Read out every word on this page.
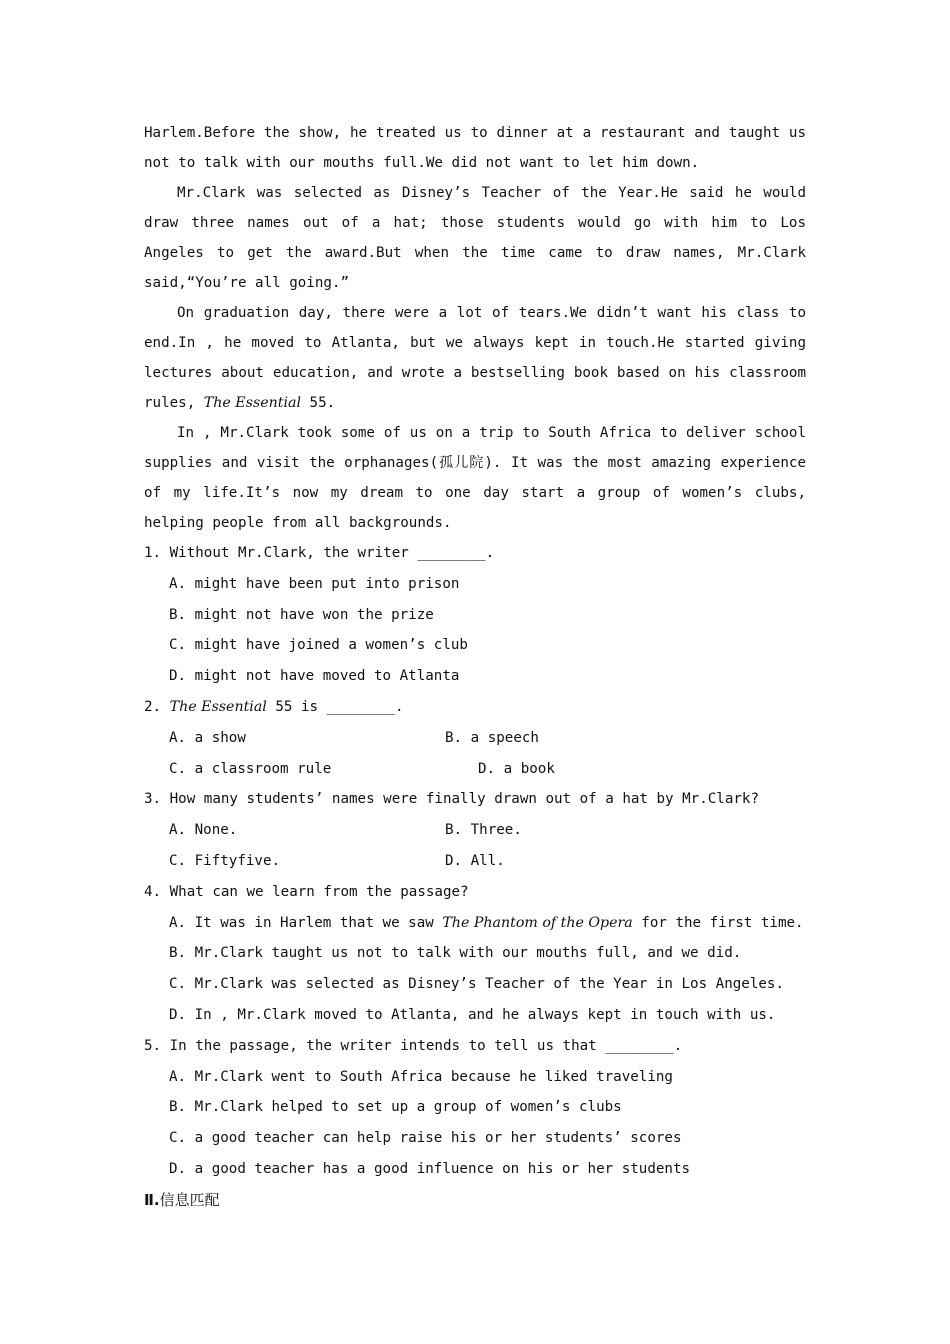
Harlem.Before the show, he treated us to dinner at a restaurant and taught us not to talk with our mouths full.We did not want to let him down.

Mr.Clark was selected as Disney’s Teacher of the Year.He said he would draw three names out of a hat; those students would go with him to Los Angeles to get the award.But when the time came to draw names, Mr.Clark said,“You’re all going.”

On graduation day, there were a lot of tears.We didn’t want his class to end.In , he moved to Atlanta, but we always kept in touch.He started giving lectures about education, and wrote a bestselling book based on his classroom rules, The Essential 55.

In , Mr.Clark took some of us on a trip to South Africa to deliver school supplies and visit the orphanages(孤儿院). It was the most amazing experience of my life.It’s now my dream to one day start a group of women’s clubs, helping people from all backgrounds.

1. Without Mr.Clark, the writer ________.

A. might have been put into prison

B. might not have won the prize

C. might have joined a women’s club

D. might not have moved to Atlanta

2. The Essential 55 is ________.

A. a show	B. a speech
C. a classroom rule	D. a book

3. How many students’ names were finally drawn out of a hat by Mr.Clark?

A. None.	B. Three.
C. Fiftyfive.	D. All.

4. What can we learn from the passage?

A. It was in Harlem that we saw The Phantom of the Opera for the first time.

B. Mr.Clark taught us not to talk with our mouths full, and we did.

C. Mr.Clark was selected as Disney’s Teacher of the Year in Los Angeles.

D. In , Mr.Clark moved to Atlanta, and he always kept in touch with us.

5. In the passage, the writer intends to tell us that ________.

A. Mr.Clark went to South Africa because he liked traveling

B. Mr.Clark helped to set up a group of women’s clubs

C. a good teacher can help raise his or her students’ scores

D. a good teacher has a good influence on his or her students

Ⅱ.信息匹配
